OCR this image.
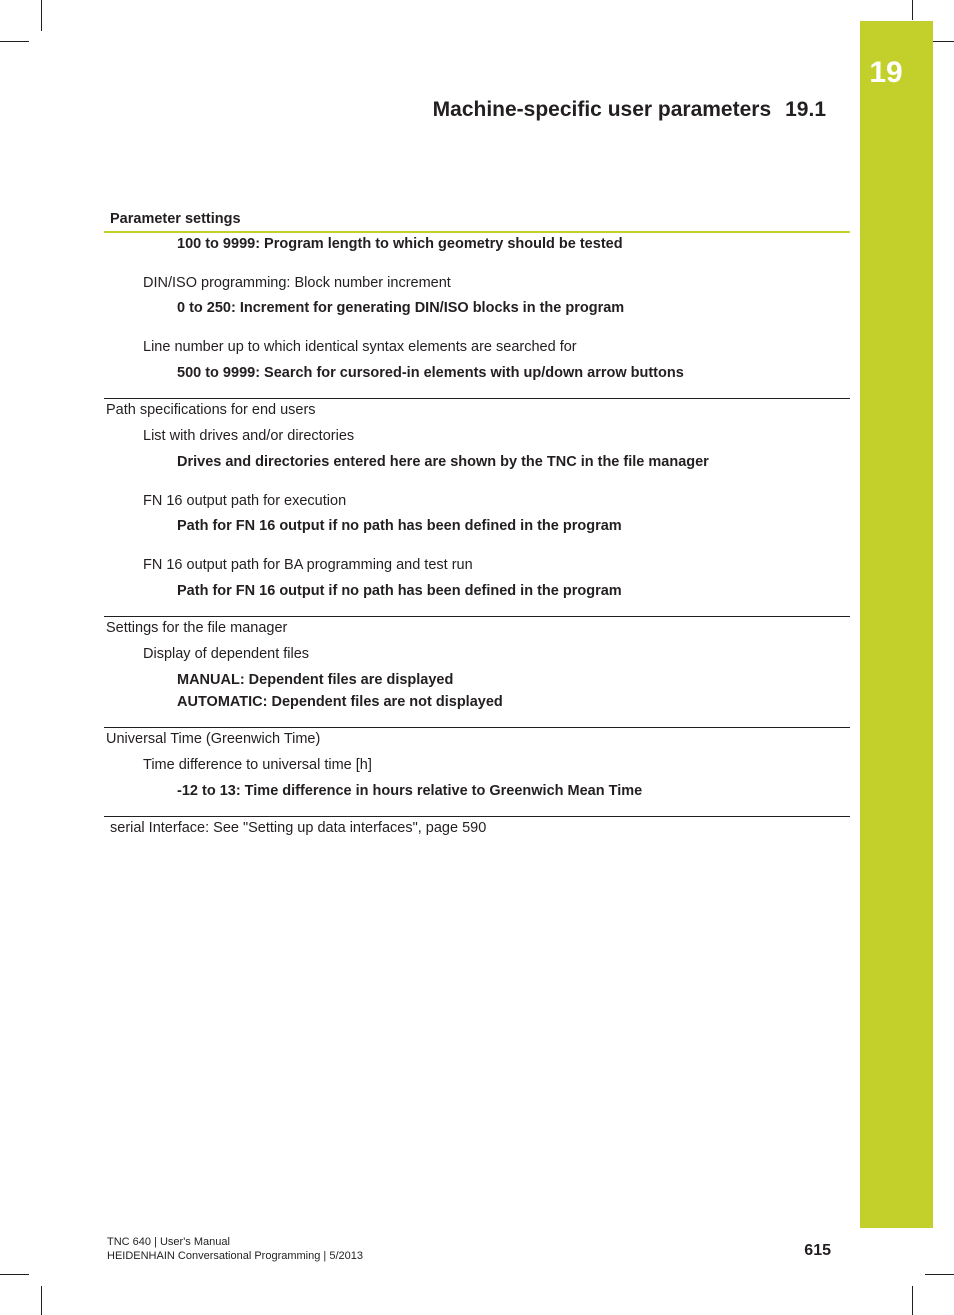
19
Machine-specific user parameters 19.1
Parameter settings
100 to 9999: Program length to which geometry should be tested
DIN/ISO programming: Block number increment
0 to 250: Increment for generating DIN/ISO blocks in the program
Line number up to which identical syntax elements are searched for
500 to 9999: Search for cursored-in elements with up/down arrow buttons
Path specifications for end users
List with drives and/or directories
Drives and directories entered here are shown by the TNC in the file manager
FN 16 output path for execution
Path for FN 16 output if no path has been defined in the program
FN 16 output path for BA programming and test run
Path for FN 16 output if no path has been defined in the program
Settings for the file manager
Display of dependent files
MANUAL: Dependent files are displayed
AUTOMATIC: Dependent files are not displayed
Universal Time (Greenwich Time)
Time difference to universal time [h]
-12 to 13: Time difference in hours relative to Greenwich Mean Time
serial Interface: See "Setting up data interfaces", page 590
TNC 640 | User's Manual
HEIDENHAIN Conversational Programming | 5/2013	615
